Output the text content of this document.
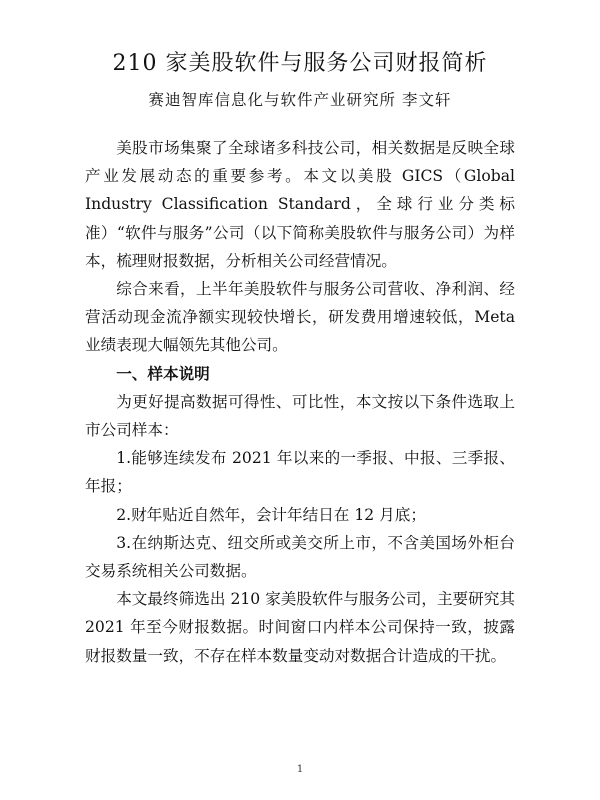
210 家美股软件与服务公司财报简析
赛迪智库信息化与软件产业研究所 李文轩

美股市场集聚了全球诸多科技公司，相关数据是反映全球产业发展动态的重要参考。本文以美股 GICS（Global Industry Classification Standard，全球行业分类标准）“软件与服务”公司（以下简称美股软件与服务公司）为样本，梳理财报数据，分析相关公司经营情况。

综合来看，上半年美股软件与服务公司营收、净利润、经营活动现金流净额实现较快增长，研发费用增速较低，Meta 业绩表现大幅领先其他公司。

一、样本说明

为更好提高数据可得性、可比性，本文按以下条件选取上市公司样本：

1.能够连续发布 2021 年以来的一季报、中报、三季报、年报；

2.财年贴近自然年，会计年结日在 12 月底；

3.在纳斯达克、纽交所或美交所上市，不含美国场外柜台交易系统相关公司数据。

本文最终筛选出 210 家美股软件与服务公司，主要研究其 2021 年至今财报数据。时间窗口内样本公司保持一致，披露财报数量一致，不存在样本数量变动对数据合计造成的干扰。

1
